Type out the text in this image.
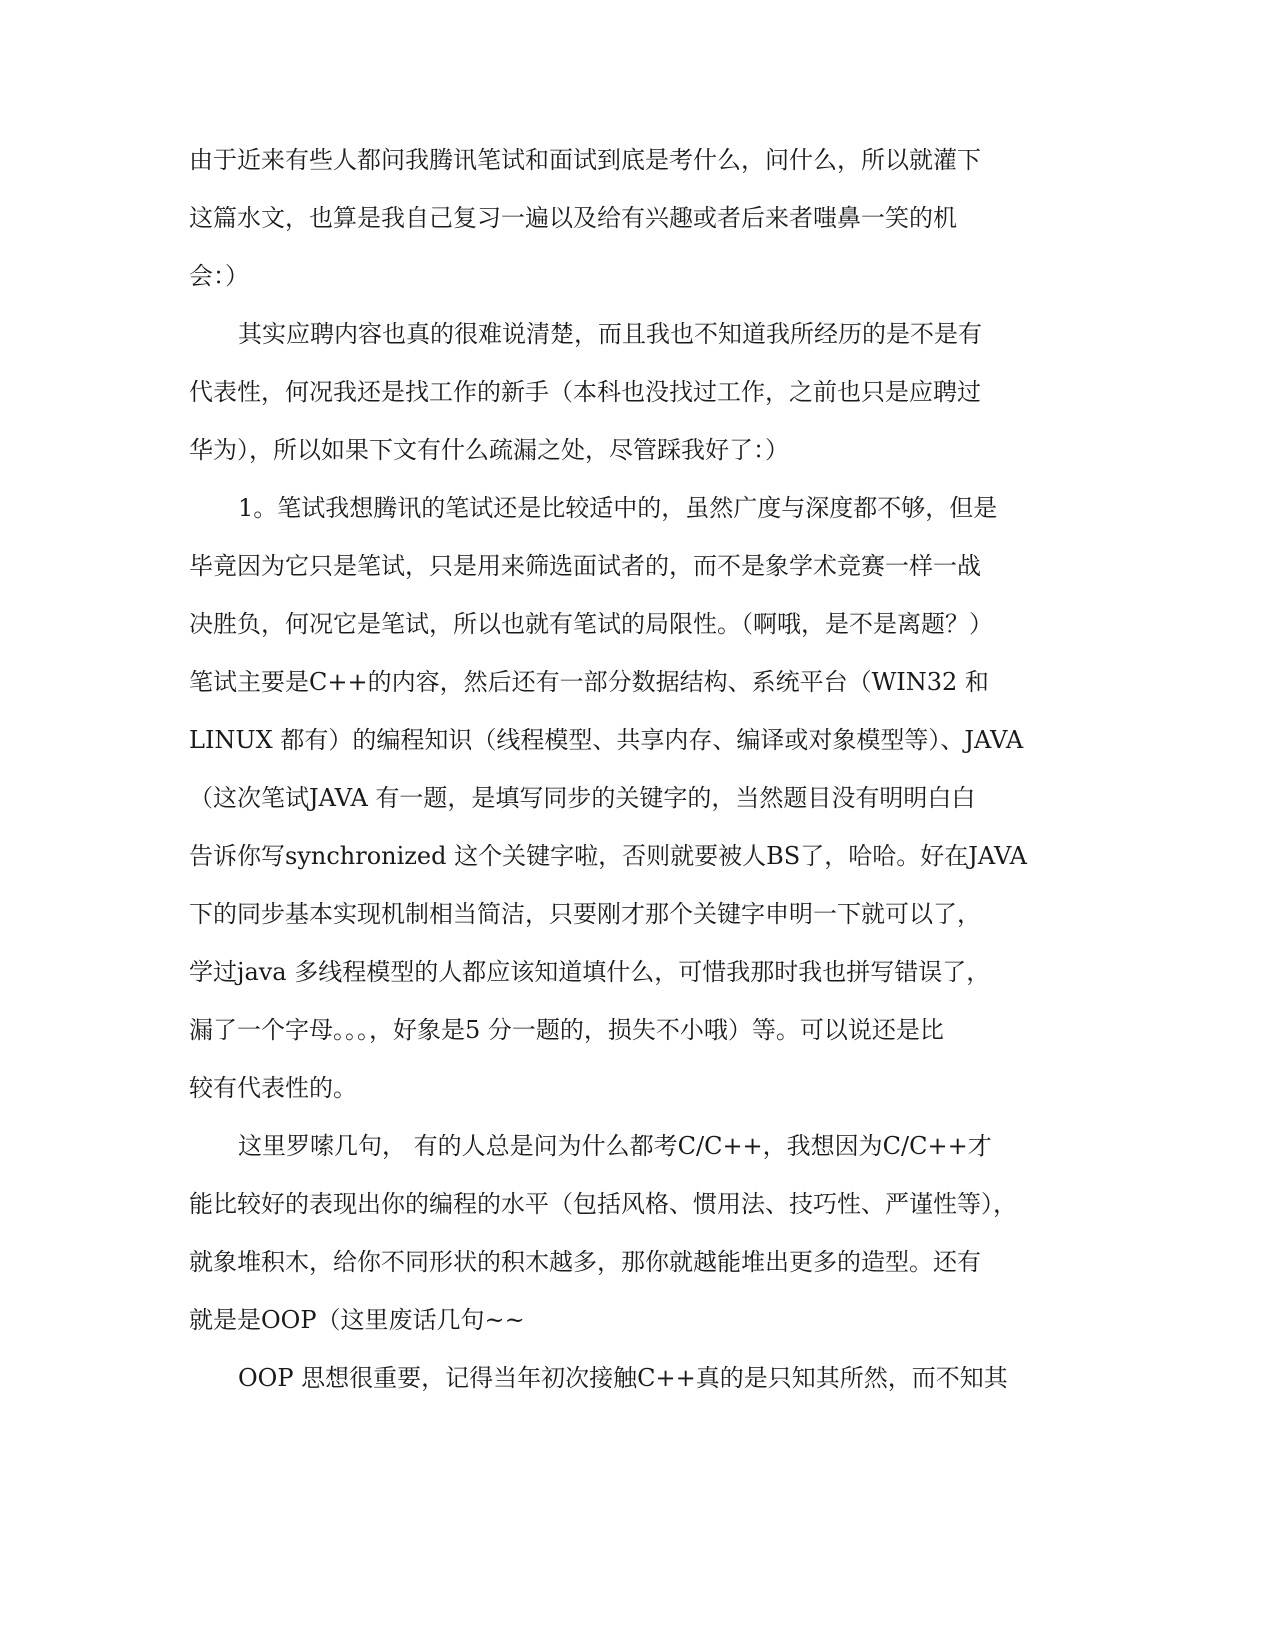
由于近来有些人都问我腾讯笔试和面试到底是考什么，问什么，所以就灌下
这篇水文，也算是我自己复习一遍以及给有兴趣或者后来者嗤鼻一笑的机
会：）
其实应聘内容也真的很难说清楚，而且我也不知道我所经历的是不是有
代表性，何况我还是找工作的新手（本科也没找过工作，之前也只是应聘过
华为），所以如果下文有什么疏漏之处，尽管踩我好了：）
1。笔试我想腾讯的笔试还是比较适中的，虽然广度与深度都不够，但是
毕竟因为它只是笔试，只是用来筛选面试者的，而不是象学术竞赛一样一战
决胜负，何况它是笔试，所以也就有笔试的局限性。（啊哦，是不是离题？）
笔试主要是C++的内容，然后还有一部分数据结构、系统平台（WIN32 和
LINUX 都有）的编程知识（线程模型、共享内存、编译或对象模型等）、JAVA
（这次笔试JAVA 有一题，是填写同步的关键字的，当然题目没有明明白白
告诉你写synchronized 这个关键字啦，否则就要被人BS了，哈哈。好在JAVA
下的同步基本实现机制相当简洁，只要刚才那个关键字申明一下就可以了，
学过java 多线程模型的人都应该知道填什么，可惜我那时我也拼写错误了，
漏了一个字母。。。，好象是5 分一题的，损失不小哦）等。可以说还是比
较有代表性的。
这里罗嗦几句， 有的人总是问为什么都考C/C++，我想因为C/C++才
能比较好的表现出你的编程的水平（包括风格、惯用法、技巧性、严谨性等），
就象堆积木，给你不同形状的积木越多，那你就越能堆出更多的造型。还有
就是是OOP（这里废话几句~~
OOP 思想很重要，记得当年初次接触C++真的是只知其所然，而不知其
